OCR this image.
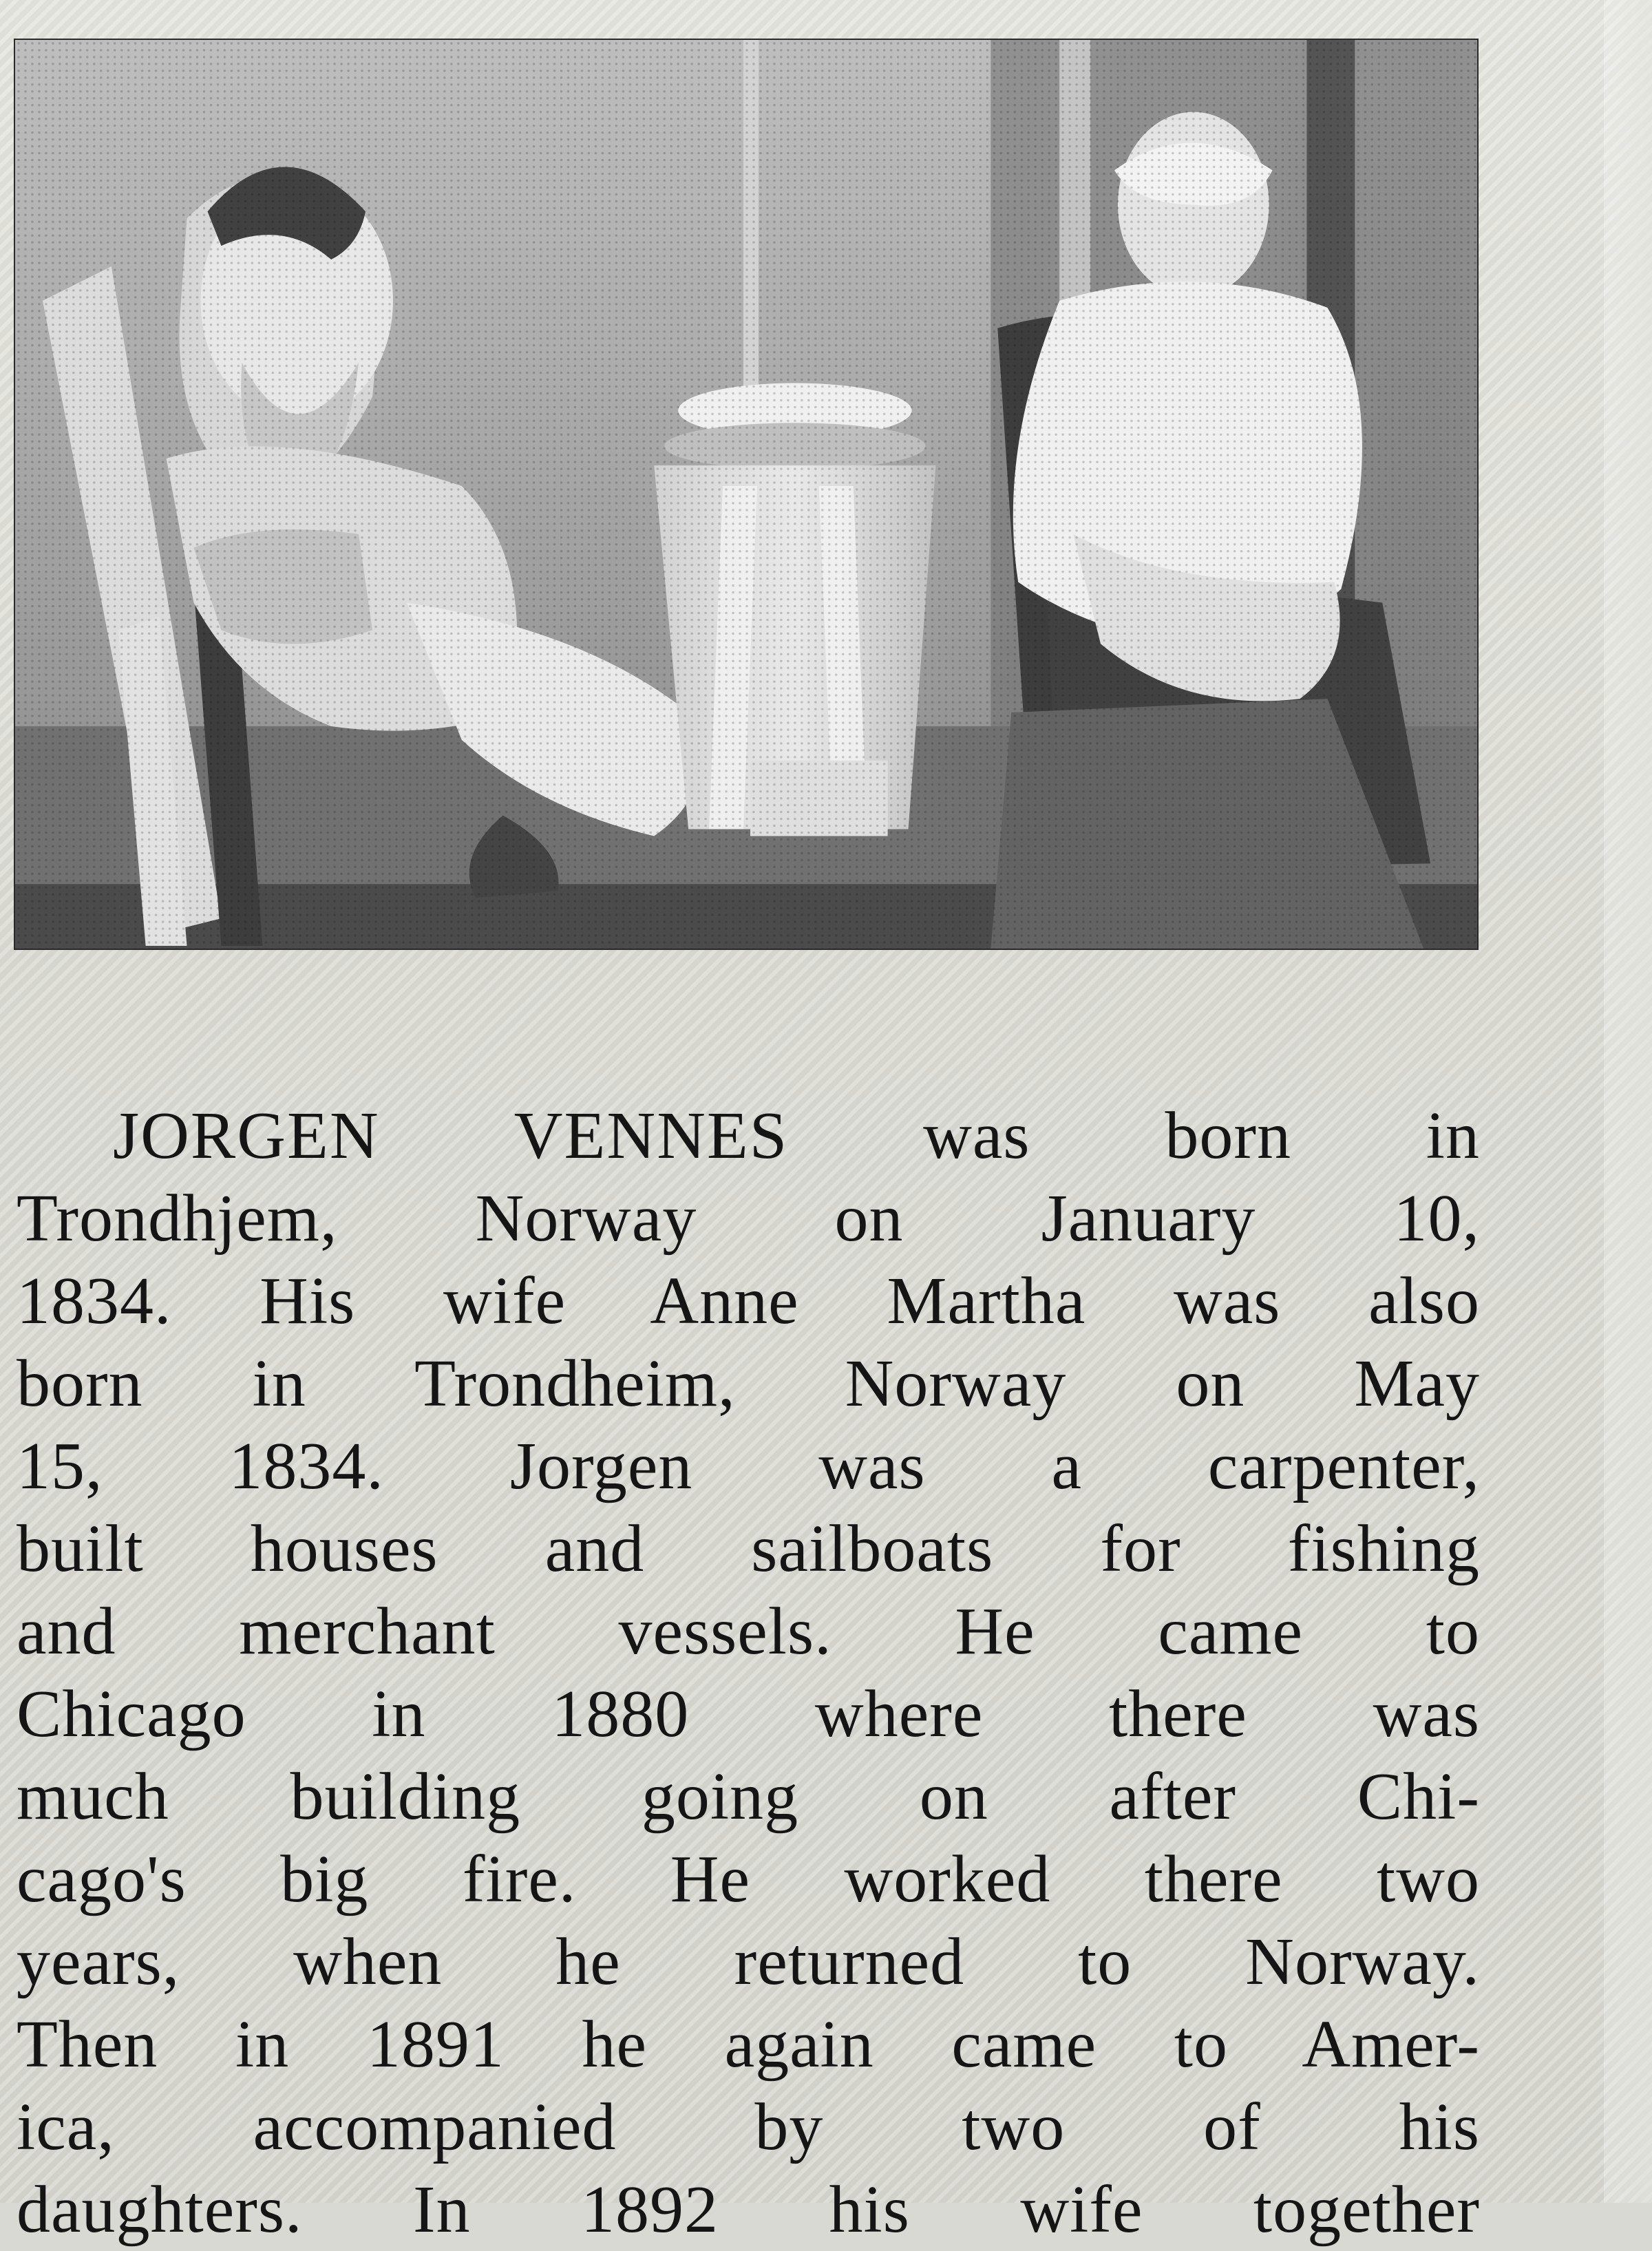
JORGEN VENNES was born in
Trondhjem, Norway on January 10,
1834. His wife Anne Martha was also
born in Trondheim, Norway on May
15, 1834. Jorgen was a carpenter,
built houses and sailboats for fishing
and merchant vessels. He came to
Chicago in 1880 where there was
much building going on after Chi-
cago's big fire. He worked there two
years, when he returned to Norway.
Then in 1891 he again came to Amer-
ica, accompanied by two of his
daughters. In 1892 his wife together
